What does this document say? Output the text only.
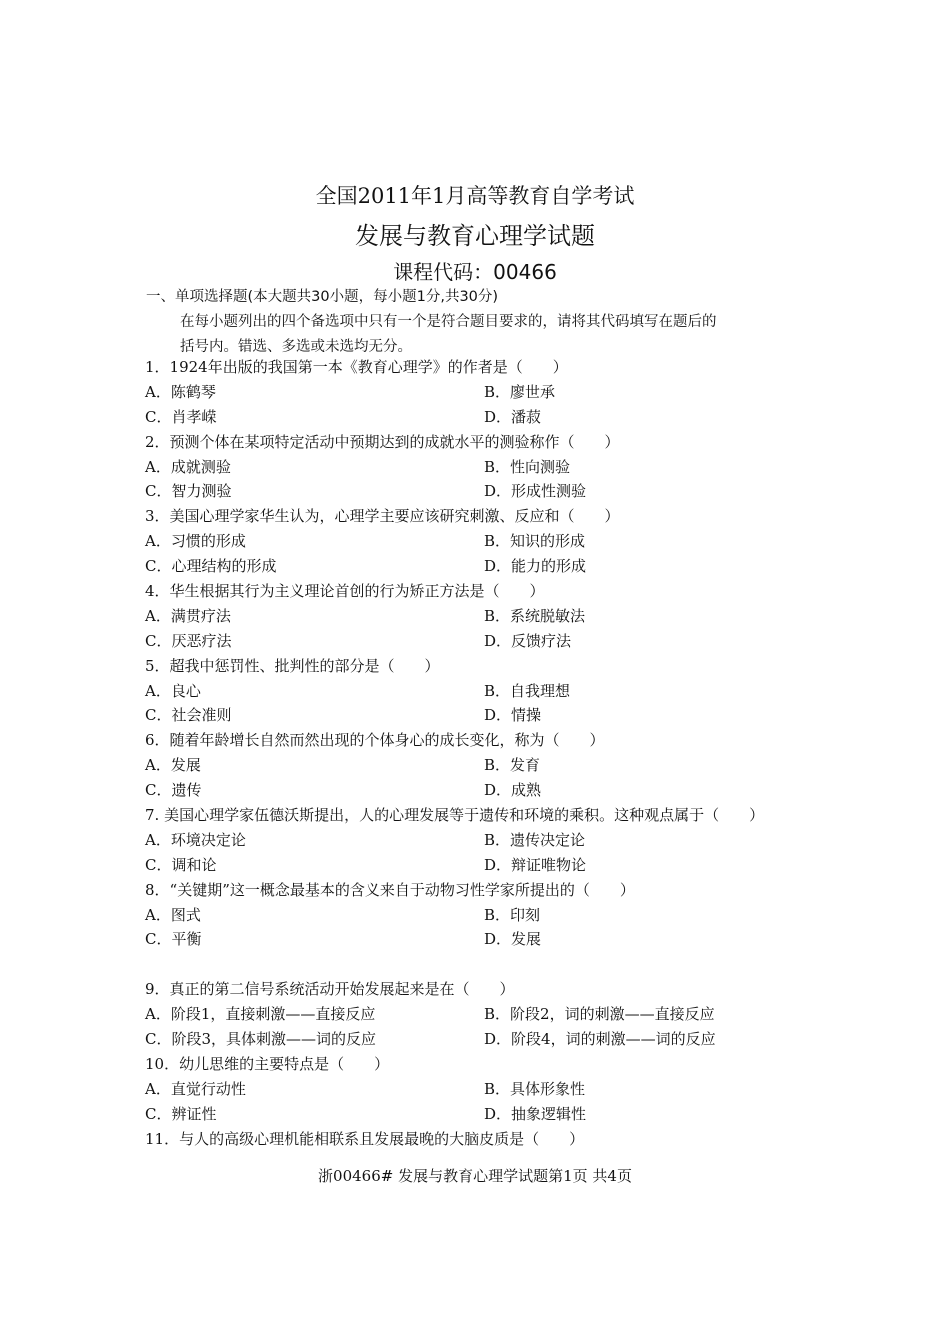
全国2011年1月高等教育自学考试
发展与教育心理学试题
课程代码：00466
一、单项选择题(本大题共30小题，每小题1分,共30分)
在每小题列出的四个备选项中只有一个是符合题目要求的，请将其代码填写在题后的
括号内。错选、多选或未选均无分。
1．1924年出版的我国第一本《教育心理学》的作者是（　　）
A．陈鹤琴	B．廖世承
C．肖孝嵘	D．潘菽
2．预测个体在某项特定活动中预期达到的成就水平的测验称作（　　）
A．成就测验	B．性向测验
C．智力测验	D．形成性测验
3．美国心理学家华生认为，心理学主要应该研究刺激、反应和（　　）
A．习惯的形成	B．知识的形成
C．心理结构的形成	D．能力的形成
4．华生根据其行为主义理论首创的行为矫正方法是（　　）
A．满贯疗法	B．系统脱敏法
C．厌恶疗法	D．反馈疗法
5．超我中惩罚性、批判性的部分是（　　）
A．良心	B．自我理想
C．社会准则	D．情操
6．随着年龄增长自然而然出现的个体身心的成长变化，称为（　　）
A．发展	B．发育
C．遗传	D．成熟
7. 美国心理学家伍德沃斯提出，人的心理发展等于遗传和环境的乘积。这种观点属于（　　）
A．环境决定论	B．遗传决定论
C．调和论	D．辩证唯物论
8．“关键期”这一概念最基本的含义来自于动物习性学家所提出的（　　）
A．图式	B．印刻
C．平衡	D．发展
9．真正的第二信号系统活动开始发展起来是在（　　）
A．阶段1，直接刺激——直接反应	B．阶段2，词的刺激——直接反应
C．阶段3，具体刺激——词的反应	D．阶段4，词的刺激——词的反应
10．幼儿思维的主要特点是（　　）
A．直觉行动性	B．具体形象性
C．辨证性	D．抽象逻辑性
11．与人的高级心理机能相联系且发展最晚的大脑皮质是（　　）
浙00466# 发展与教育心理学试题第1页 共4页
